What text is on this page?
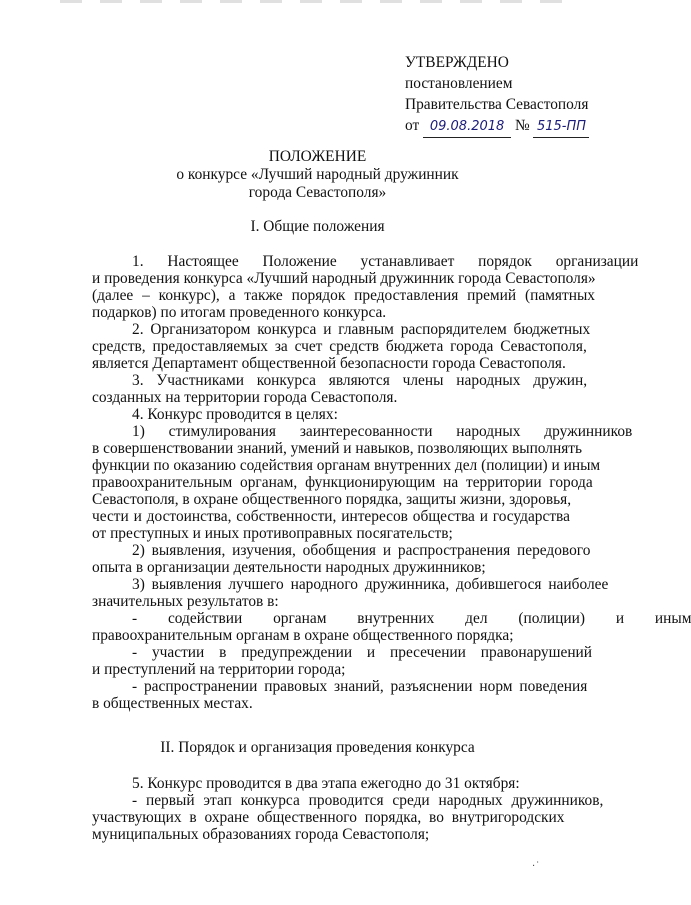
УТВЕРЖДЕНО
постановлением
Правительства Севастополя
от 09.08.2018 № 515-ПП
ПОЛОЖЕНИЕ
о конкурсе «Лучший народный дружинник
города Севастополя»
I. Общие положения
1. Настоящее Положение устанавливает порядок организации
и проведения конкурса «Лучший народный дружинник города Севастополя»
(далее – конкурс), а также порядок предоставления премий (памятных
подарков) по итогам проведенного конкурса.
2. Организатором конкурса и главным распорядителем бюджетных
средств, предоставляемых за счет средств бюджета города Севастополя,
является Департамент общественной безопасности города Севастополя.
3. Участниками конкурса являются члены народных дружин,
созданных на территории города Севастополя.
4. Конкурс проводится в целях:
1) стимулирования заинтересованности народных дружинников
в совершенствовании знаний, умений и навыков, позволяющих выполнять
функции по оказанию содействия органам внутренних дел (полиции) и иным
правоохранительным органам, функционирующим на территории города
Севастополя, в охране общественного порядка, защиты жизни, здоровья,
чести и достоинства, собственности, интересов общества и государства
от преступных и иных противоправных посягательств;
2) выявления, изучения, обобщения и распространения передового
опыта в организации деятельности народных дружинников;
3) выявления лучшего народного дружинника, добившегося наиболее
значительных результатов в:
- содействии органам внутренних дел (полиции) и иным
правоохранительным органам в охране общественного порядка;
- участии в предупреждении и пресечении правонарушений
и преступлений на территории города;
- распространении правовых знаний, разъяснении норм поведения
в общественных местах.
II. Порядок и организация проведения конкурса
5. Конкурс проводится в два этапа ежегодно до 31 октября:
- первый этап конкурса проводится среди народных дружинников,
участвующих в охране общественного порядка, во внутригородских
муниципальных образованиях города Севастополя;
·˙
